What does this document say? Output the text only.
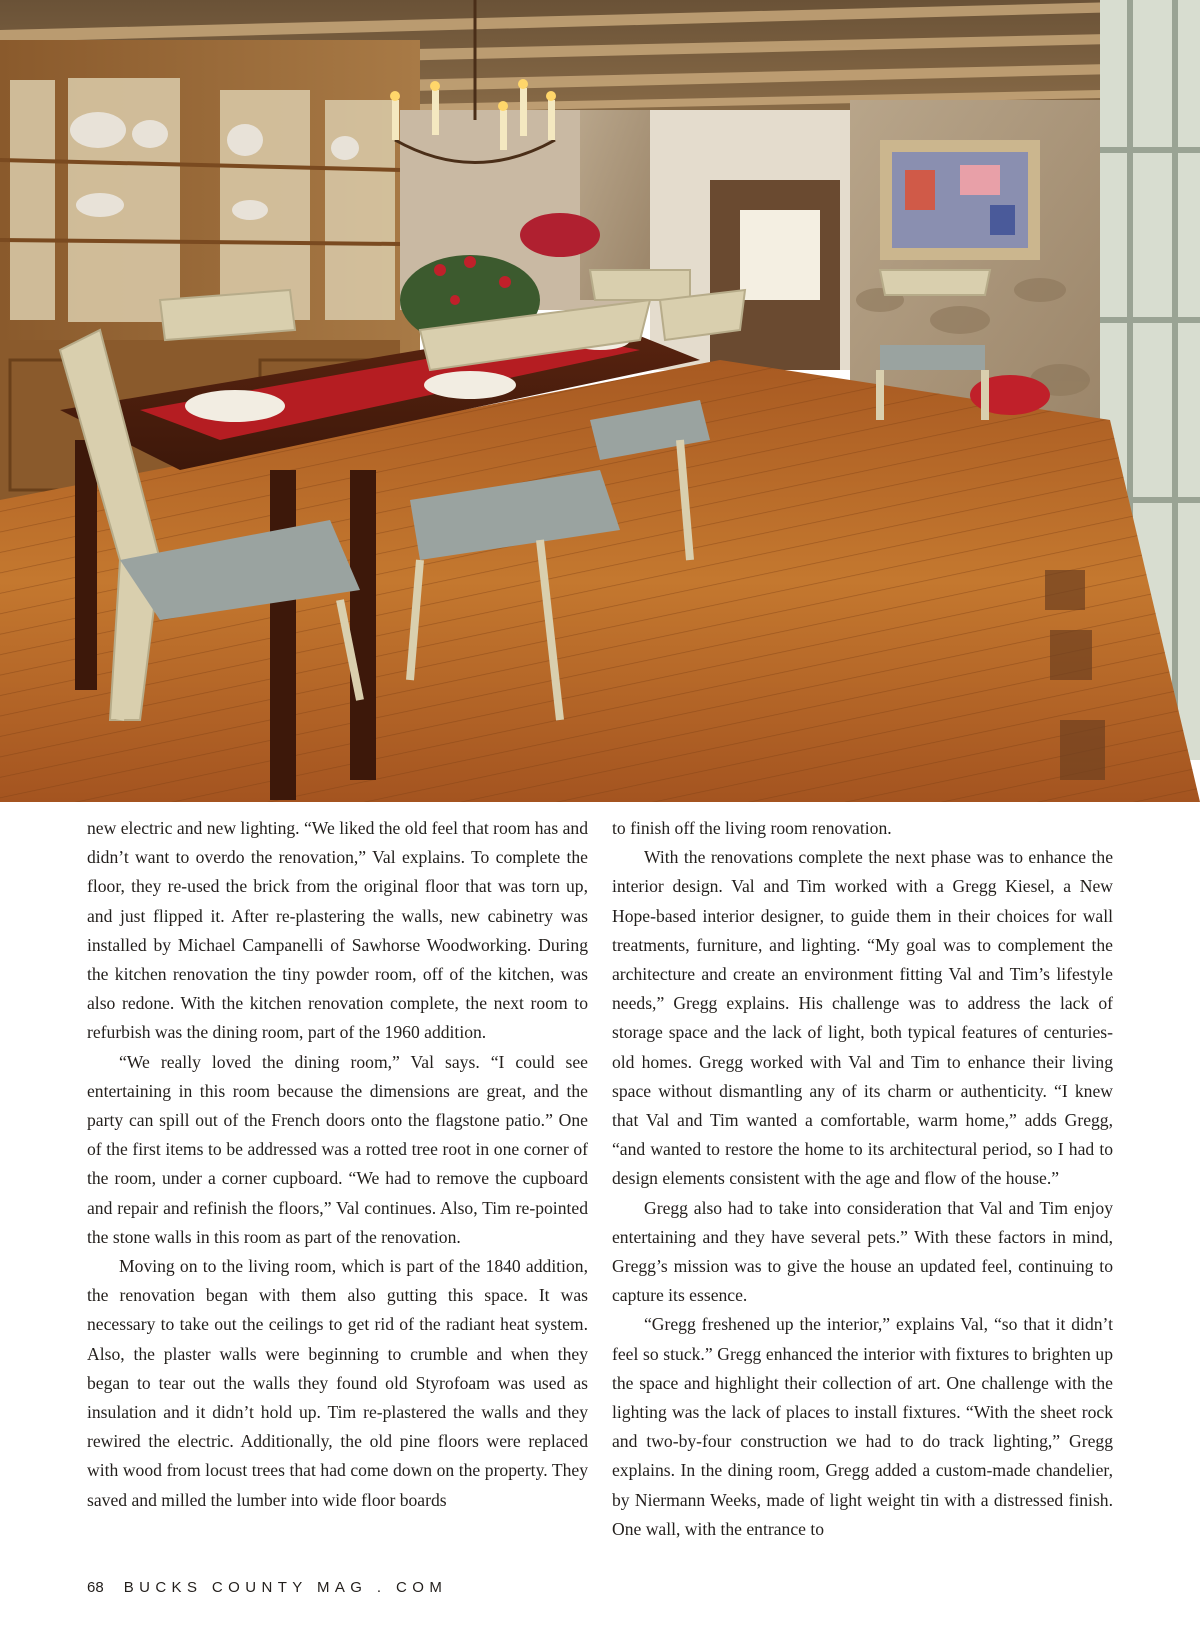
new electric and new lighting. “We liked the old feel that room has and didn’t want to overdo the renovation,” Val explains. To complete the floor, they re-used the brick from the original floor that was torn up, and just flipped it. After re-plastering the walls, new cabinetry was installed by Michael Campanelli of Sawhorse Woodworking. During the kitchen renovation the tiny powder room, off of the kitchen, was also redone. With the kitchen renovation complete, the next room to refurbish was the dining room, part of the 1960 addition.

“We really loved the dining room,” Val says. “I could see entertaining in this room because the dimensions are great, and the party can spill out of the French doors onto the flagstone patio.” One of the first items to be addressed was a rotted tree root in one corner of the room, under a corner cupboard. “We had to remove the cupboard and repair and refinish the floors,” Val continues. Also, Tim re-pointed the stone walls in this room as part of the renovation.

Moving on to the living room, which is part of the 1840 addition, the renovation began with them also gutting this space. It was necessary to take out the ceilings to get rid of the radiant heat system. Also, the plaster walls were beginning to crumble and when they began to tear out the walls they found old Styrofoam was used as insulation and it didn’t hold up. Tim re-plastered the walls and they rewired the electric. Additionally, the old pine floors were replaced with wood from locust trees that had come down on the property. They saved and milled the lumber into wide floor boards

to finish off the living room renovation.

With the renovations complete the next phase was to enhance the interior design. Val and Tim worked with a Gregg Kiesel, a New Hope-based interior designer, to guide them in their choices for wall treatments, furniture, and lighting. “My goal was to complement the architecture and create an environment fitting Val and Tim’s lifestyle needs,” Gregg explains. His challenge was to address the lack of storage space and the lack of light, both typical features of centuries-old homes. Gregg worked with Val and Tim to enhance their living space without dismantling any of its charm or authenticity. “I knew that Val and Tim wanted a comfortable, warm home,” adds Gregg, “and wanted to restore the home to its architectural period, so I had to design elements consistent with the age and flow of the house.”

Gregg also had to take into consideration that Val and Tim enjoy entertaining and they have several pets.” With these factors in mind, Gregg’s mission was to give the house an updated feel, continuing to capture its essence.

“Gregg freshened up the interior,” explains Val, “so that it didn’t feel so stuck.” Gregg enhanced the interior with fixtures to brighten up the space and highlight their collection of art. One challenge with the lighting was the lack of places to install fixtures. “With the sheet rock and two-by-four construction we had to do track lighting,” Gregg explains. In the dining room, Gregg added a custom-made chandelier, by Niermann Weeks, made of light weight tin with a distressed finish. One wall, with the entrance to

68 BUCKS COUNTY MAG . COM
